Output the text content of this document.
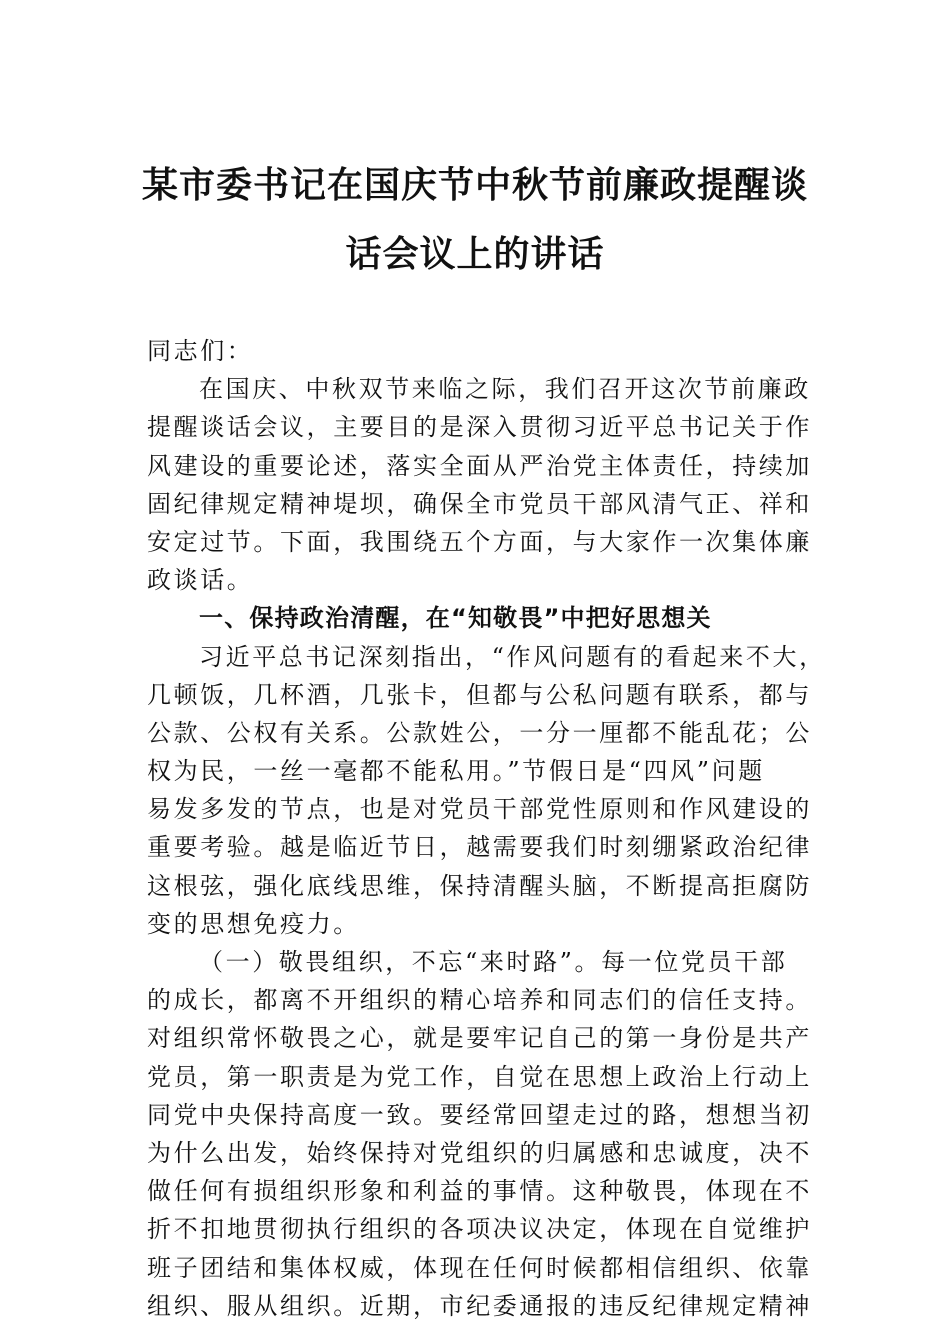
某市委书记在国庆节中秋节前廉政提醒谈
话会议上的讲话
同志们：
在国庆、中秋双节来临之际，我们召开这次节前廉政
提醒谈话会议，主要目的是深入贯彻习近平总书记关于作
风建设的重要论述，落实全面从严治党主体责任，持续加
固纪律规定精神堤坝，确保全市党员干部风清气正、祥和
安定过节。下面，我围绕五个方面，与大家作一次集体廉
政谈话。
一、保持政治清醒，在“知敬畏”中把好思想关
习近平总书记深刻指出，“作风问题有的看起来不大，
几顿饭，几杯酒，几张卡，但都与公私问题有联系，都与
公款、公权有关系。公款姓公，一分一厘都不能乱花；公
权为民，一丝一毫都不能私用。”节假日是“四风”问题
易发多发的节点，也是对党员干部党性原则和作风建设的
重要考验。越是临近节日，越需要我们时刻绷紧政治纪律
这根弦，强化底线思维，保持清醒头脑，不断提高拒腐防
变的思想免疫力。
（一）敬畏组织，不忘“来时路”。每一位党员干部
的成长，都离不开组织的精心培养和同志们的信任支持。
对组织常怀敬畏之心，就是要牢记自己的第一身份是共产
党员，第一职责是为党工作，自觉在思想上政治上行动上
同党中央保持高度一致。要经常回望走过的路，想想当初
为什么出发，始终保持对党组织的归属感和忠诚度，决不
做任何有损组织形象和利益的事情。这种敬畏，体现在不
折不扣地贯彻执行组织的各项决议决定，体现在自觉维护
班子团结和集体权威，体现在任何时候都相信组织、依靠
组织、服从组织。近期，市纪委通报的违反纪律规定精神
